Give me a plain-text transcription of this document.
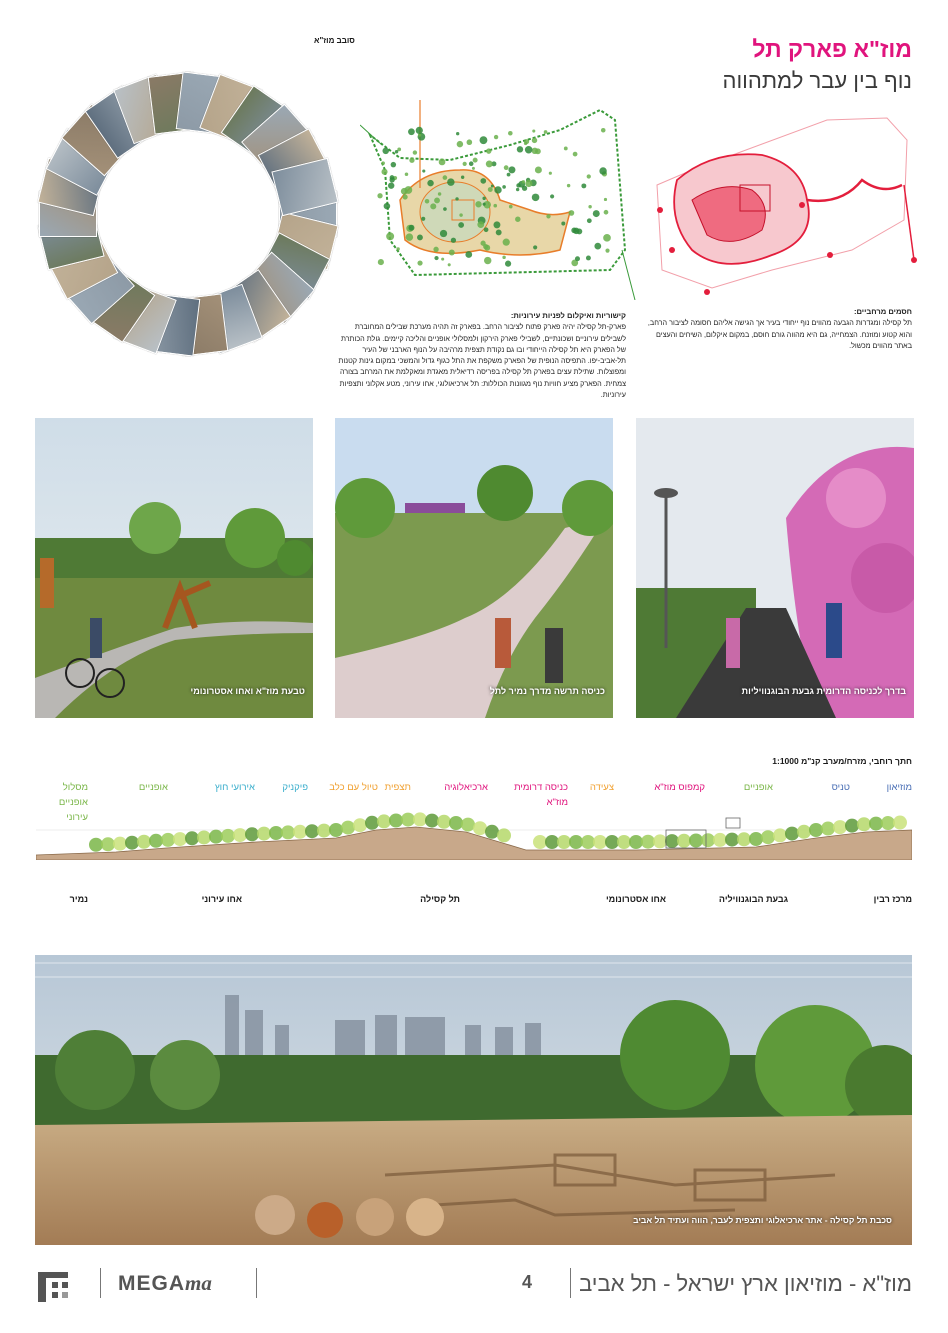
מוז"א פארק תל
נוף בין עבר למתהווה
סובב מוז"א
קישוריות ואיקלום לפניות עירוניות:
פארק-תל קסילה יהיה פארק פתוח לציבור הרחב. בפארק זה תהיה מערכת שבילים המחוברת לשבילים עירוניים ושכונתיים, לשבילי פארק הירקון ולמסלולי אופניים והליכה קיימים. גולת הכותרת של הפארק היא תל קסילה הייחודי ובו גם נקודת תצפית מרהיבה על הנוף הארבני של העיר תל-אביב-יפו. התפיסה הנופית של הפארק משקפת את התל כגוף גדול והמשכי במקום גינות קטנות ומפוצלות. שתילת עצים בפארק תל קסילה בפריסה רדיאלית מאגדת ומאקלמת את המרחב בצורה צמחית. הפארק מציע חוויות נוף מגוונות הכוללות: תל ארכיאולוגי, אחו עירוני, מטע אקלוני ותצפיות עירוניות.
חסמים מרחביים:
תל קסילה ומגדרות הגבעה מהווים נוף ייחודי בעיר אך הגישה אליהם חסומה לציבור הרחב, והוא קטוע ומוזנח. הצמחייה, גם היא מהווה גורם חוסם, במקום איקלום, השיחים והעצים באתר מהווים מכשול.
טבעת מוז"א ואחו אסטרונומי	כניסה תרשה מדרך נמיר לתל	בדרך לכניסה הדרומית גבעת הבוגנוויליות
חתך רוחבי, מזרח/מערב קנ"מ 1:1000
מוזיאון
טניס
אופניים
קמפוס מוז"א
צעידה
כניסה דרומית
מוז"א
ארכיאלוגיה
תצפית
טיול עם כלב
פיקניק
אירועי חוץ
אופניים
מסלול
אופניים
עירוני
מרכז רבין
גבעת הבוגנוויליה
אחו אסטרונומי
תל קסילה
אחו עירוני
נמיר
סכבת תל קסילה - אתר ארכיאלוגי ותצפית לעבר, הווה ועתיד תל אביב
מוז"א - מוזיאון ארץ ישראל - תל אביב
4
MEGAma
